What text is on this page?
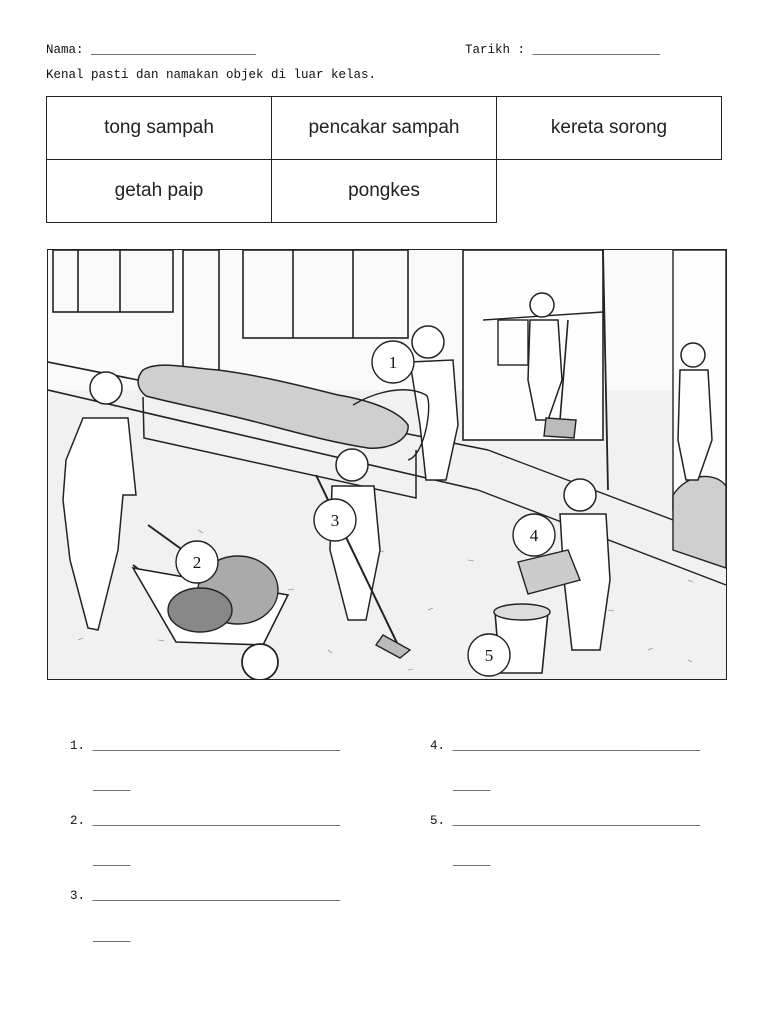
Nama: ______________________	Tarikh : _________________
Kenal pasti dan namakan objek di luar kelas.
tong sampah	pencakar sampah	kereta sorong
getah paip	pongkes	
1
2
3
4
5
1. _________________________________
_____
2. _________________________________
_____
3. _________________________________
_____
4. _________________________________
_____
5. _________________________________
_____
